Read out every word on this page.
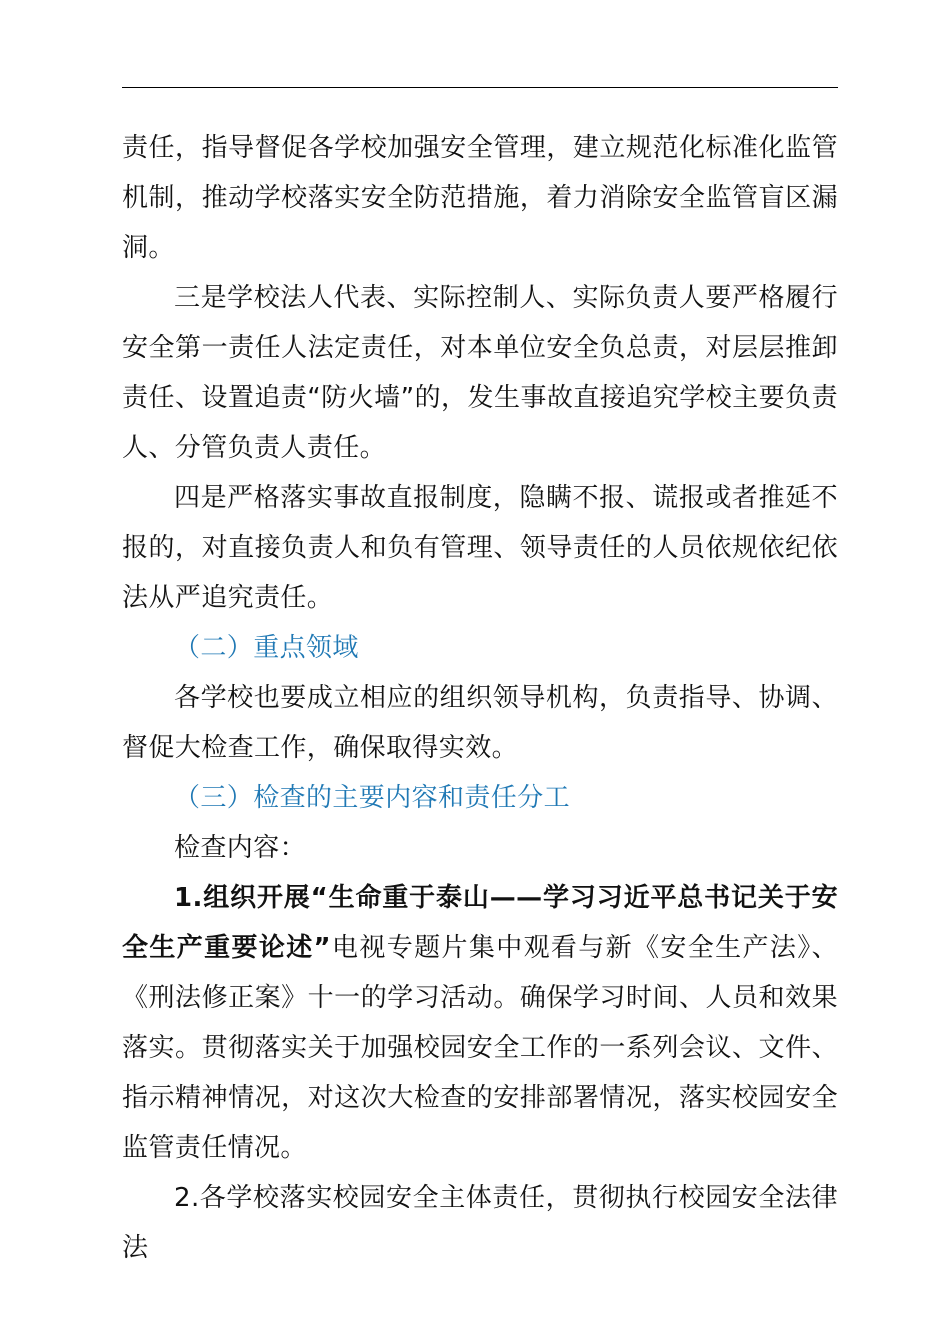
责任，指导督促各学校加强安全管理，建立规范化标准化监管机制，推动学校落实安全防范措施，着力消除安全监管盲区漏洞。

三是学校法人代表、实际控制人、实际负责人要严格履行安全第一责任人法定责任，对本单位安全负总责，对层层推卸责任、设置追责“防火墙”的，发生事故直接追究学校主要负责人、分管负责人责任。

四是严格落实事故直报制度，隐瞒不报、谎报或者推延不报的，对直接负责人和负有管理、领导责任的人员依规依纪依法从严追究责任。

（二）重点领域

各学校也要成立相应的组织领导机构，负责指导、协调、督促大检查工作，确保取得实效。

（三）检查的主要内容和责任分工

检查内容：

1.组织开展“生命重于泰山——学习习近平总书记关于安全生产重要论述”电视专题片集中观看与新《安全生产法》、《刑法修正案》十一的学习活动。确保学习时间、人员和效果落实。贯彻落实关于加强校园安全工作的一系列会议、文件、指示精神情况，对这次大检查的安排部署情况，落实校园安全监管责任情况。

2.各学校落实校园安全主体责任，贯彻执行校园安全法律法
